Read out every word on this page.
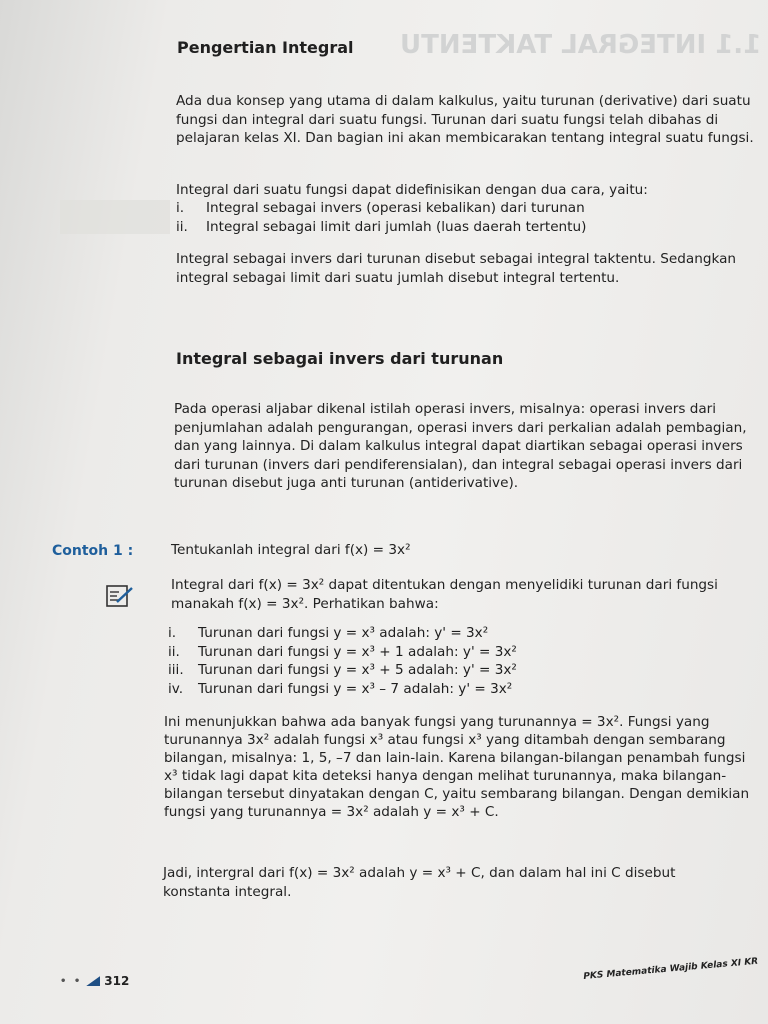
1.1 INTEGRAL TAKTENTU
Pengertian Integral

Ada dua konsep yang utama di dalam kalkulus, yaitu turunan (derivative) dari suatu fungsi dan integral dari suatu fungsi. Turunan dari suatu fungsi telah dibahas di pelajaran kelas XI. Dan bagian ini akan membicarakan tentang integral suatu fungsi.

Integral dari suatu fungsi dapat didefinisikan dengan dua cara, yaitu:

i.	Integral sebagai invers (operasi kebalikan) dari turunan
ii.	Integral sebagai limit dari jumlah (luas daerah tertentu)

Integral sebagai invers dari turunan disebut sebagai integral taktentu. Sedangkan integral sebagai limit dari suatu jumlah disebut integral tertentu.

Integral sebagai invers dari turunan

Pada operasi aljabar dikenal istilah operasi invers, misalnya: operasi invers dari penjumlahan adalah pengurangan, operasi invers dari perkalian adalah pembagian, dan yang lainnya. Di dalam kalkulus integral dapat diartikan sebagai operasi invers dari turunan (invers dari pendiferensialan), dan integral sebagai operasi invers dari turunan disebut juga anti turunan (antiderivative).

Contoh 1 :	Tentukanlah integral dari f(x) = 3x²

Integral dari f(x) = 3x² dapat ditentukan dengan menyelidiki turunan dari fungsi manakah f(x) = 3x². Perhatikan bahwa:

i.	Turunan dari fungsi y = x³ adalah: y' = 3x²
ii.	Turunan dari fungsi y = x³ + 1 adalah: y' = 3x²
iii.	Turunan dari fungsi y = x³ + 5 adalah: y' = 3x²
iv.	Turunan dari fungsi y = x³ – 7 adalah: y' = 3x²

Ini menunjukkan bahwa ada banyak fungsi yang turunannya = 3x². Fungsi yang turunannya 3x² adalah fungsi x³ atau fungsi x³ yang ditambah dengan sembarang bilangan, misalnya: 1, 5, –7 dan lain-lain. Karena bilangan-bilangan penambah fungsi x³ tidak lagi dapat kita deteksi hanya dengan melihat turunannya, maka bilangan-bilangan tersebut dinyatakan dengan C, yaitu sembarang bilangan. Dengan demikian fungsi yang turunannya = 3x² adalah y = x³ + C.

Jadi, intergral dari f(x) = 3x² adalah y = x³ + C, dan dalam hal ini C disebut konstanta integral.

• • 312	PKS Matematika Wajib Kelas XI KR
